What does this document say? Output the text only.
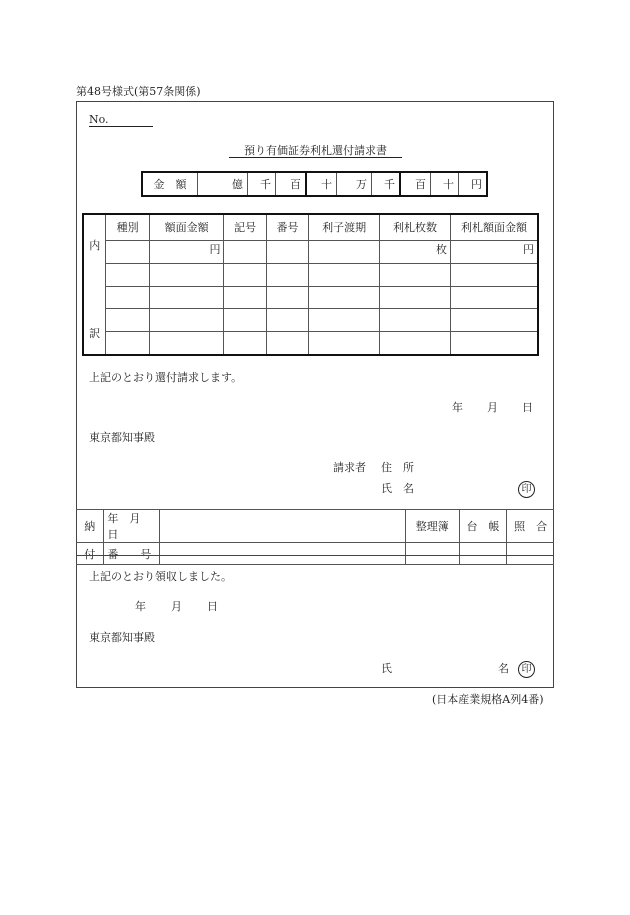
第48号様式(第57条関係)
No.
預り有価証券利札還付請求書
金　額	億	千	百	十	万	千	百	十	円
内
訳	種別	額面金額	記号	番号	利子渡期	利札枚数	利札額面金額
		円				枚	円

上記のとおり還付請求します。
年 月 日
東京都知事殿
請求者 住　所
氏　名	印
納	年　月　日		整理簿	台　帳	照　合
付	番　　号				
上記のとおり領収しました。
年 月 日
東京都知事殿
氏	名	印
(日本産業規格A列4番)
